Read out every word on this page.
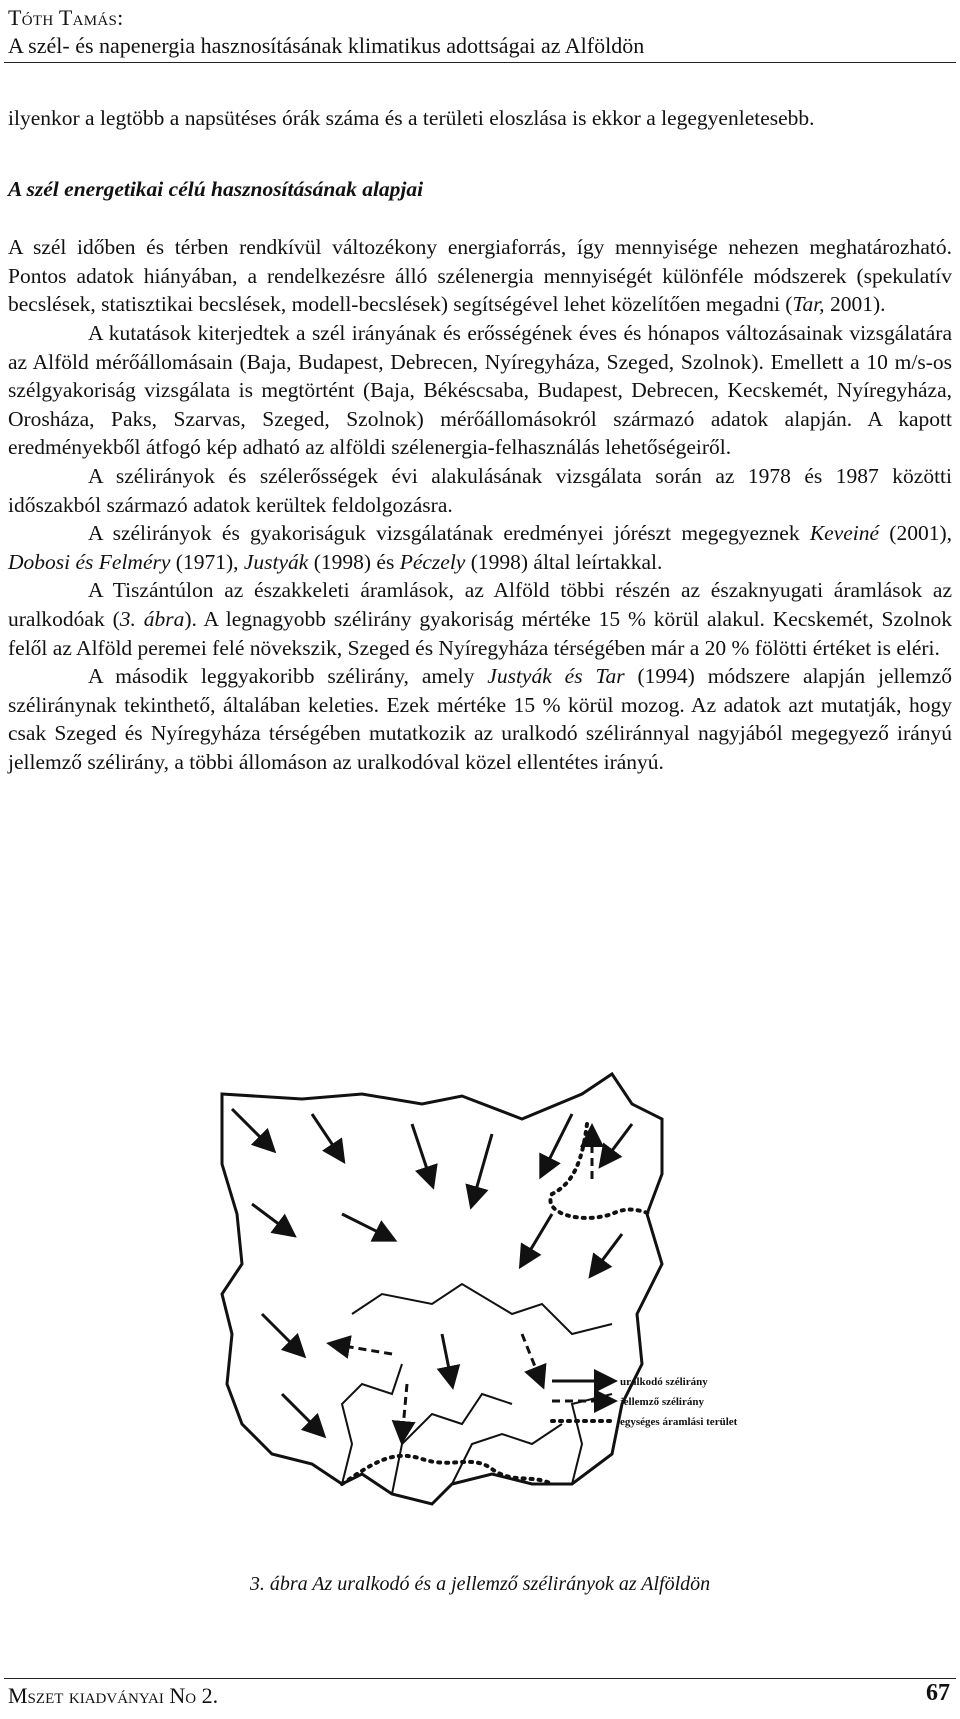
Tóth Tamás:
A szél- és napenergia hasznosításának klimatikus adottságai az Alföldön

ilyenkor a legtöbb a napsütéses órák száma és a területi eloszlása is ekkor a legegyenletesebb.

A szél energetikai célú hasznosításának alapjai

A szél időben és térben rendkívül változékony energiaforrás, így mennyisége nehezen meghatározható. Pontos adatok hiányában, a rendelkezésre álló szélenergia mennyiségét különféle módszerek (spekulatív becslések, statisztikai becslések, modell-becslések) segítségével lehet közelítően megadni (Tar, 2001).

A kutatások kiterjedtek a szél irányának és erősségének éves és hónapos változásainak vizsgálatára az Alföld mérőállomásain (Baja, Budapest, Debrecen, Nyíregyháza, Szeged, Szolnok). Emellett a 10 m/s-os szélgyakoriság vizsgálata is megtörtént (Baja, Békéscsaba, Budapest, Debrecen, Kecskemét, Nyíregyháza, Orosháza, Paks, Szarvas, Szeged, Szolnok) mérőállomásokról származó adatok alapján. A kapott eredményekből átfogó kép adható az alföldi szélenergia-felhasználás lehetőségeiről.

A szélirányok és szélerősségek évi alakulásának vizsgálata során az 1978 és 1987 közötti időszakból származó adatok kerültek feldolgozásra.

A szélirányok és gyakoriságuk vizsgálatának eredményei jórészt megegyeznek Keveiné (2001), Dobosi és Felméry (1971), Justyák (1998) és Péczely (1998) által leírtakkal.

A Tiszántúlon az északkeleti áramlások, az Alföld többi részén az északnyugati áramlások az uralkodóak (3. ábra). A legnagyobb szélirány gyakoriság mértéke 15 % körül alakul. Kecskemét, Szolnok felől az Alföld peremei felé növekszik, Szeged és Nyíregyháza térségében már a 20 % fölötti értéket is eléri.

A második leggyakoribb szélirány, amely Justyák és Tar (1994) módszere alapján jellemző széliránynak tekinthető, általában keleties. Ezek mértéke 15 % körül mozog. Az adatok azt mutatják, hogy csak Szeged és Nyíregyháza térségében mutatkozik az uralkodó széliránnyal nagyjából megegyező irányú jellemző szélirány, a többi állomáson az uralkodóval közel ellentétes irányú.

uralkodó szélirány
jellemző szélirány
egységes áramlási terület
3. ábra Az uralkodó és a jellemző szélirányok az Alföldön
Mszet kiadványai No 2.	67
